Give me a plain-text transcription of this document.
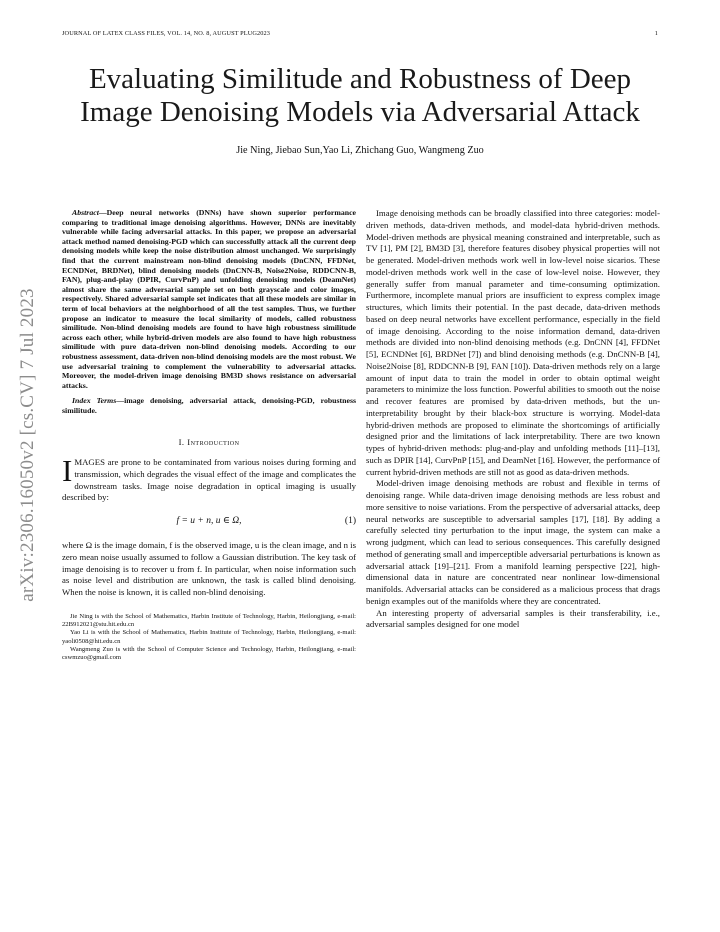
JOURNAL OF LATEX CLASS FILES, VOL. 14, NO. 8, AUGUST PLUG2023	1
arXiv:2306.16050v2 [cs.CV] 7 Jul 2023
Evaluating Similitude and Robustness of Deep Image Denoising Models via Adversarial Attack
Jie Ning, Jiebao Sun,Yao Li, Zhichang Guo, Wangmeng Zuo

Abstract—Deep neural networks (DNNs) have shown superior performance comparing to traditional image denoising algorithms. However, DNNs are inevitably vulnerable while facing adversarial attacks. In this paper, we propose an adversarial attack method named denoising-PGD which can successfully attack all the current deep denoising models while keep the noise distribution almost unchanged. We surprisingly find that the current mainstream non-blind denoising models (DnCNN, FFDNet, ECNDNet, BRDNet), blind denoising models (DnCNN-B, Noise2Noise, RDDCNN-B, FAN), plug-and-play (DPIR, CurvPnP) and unfolding denoising models (DeamNet) almost share the same adversarial sample set on both grayscale and color images, respectively. Shared adversarial sample set indicates that all these models are similar in term of local behaviors at the neighborhood of all the test samples. Thus, we further propose an indicator to measure the local similarity of models, called robustness similitude. Non-blind denoising models are found to have high robustness similitude across each other, while hybrid-driven models are also found to have high robustness similitude with pure data-driven non-blind denoising models. According to our robustness assessment, data-driven non-blind denoising models are the most robust. We use adversarial training to complement the vulnerability to adversarial attacks. Moreover, the model-driven image denoising BM3D shows resistance on adversarial attacks.

Index Terms—image denoising, adversarial attack, denoising-PGD, robustness similitude.

I. Introduction

IMAGES are prone to be contaminated from various noises during forming and transmission, which degrades the visual effect of the image and complicates the downstream tasks. Image noise degradation in optical imaging is usually described by:

f = u + n, u ∈ Ω,	(1)

where Ω is the image domain, f is the observed image, u is the clean image, and n is zero mean noise usually assumed to follow a Gaussian distribution. The key task of image denoising is to recover u from f. In particular, when noise information such as noise level and distribution are unknown, the task is called blind denoising. When the noise is known, it is called non-blind denoising.

Jie Ning is with the School of Mathematics, Harbin Institute of Technology, Harbin, Heilongjiang, e-mail: 22B912021@stu.hit.edu.cn

Yao Li is with the School of Mathematics, Harbin Institute of Technology, Harbin, Heilongjiang, e-mail: yaoli0508@hit.edu.cn

Wangmeng Zuo is with the School of Computer Science and Technology, Harbin, Heilongjiang, e-mail: cswmzuo@gmail.com

Image denoising methods can be broadly classified into three categories: model-driven methods, data-driven methods, and model-data hybrid-driven methods. Model-driven methods are physical meaning constrained and interpretable, such as TV [1], PM [2], BM3D [3], therefore features disobey physical properties will not be generated. Model-driven methods work well in low-level noise sicarios. These model-driven methods work well in the case of low-level noise. However, they generally suffer from manual parameter and time-consuming optimization. Furthermore, incomplete manual priors are insufficient to express complex image structures, which limits their potential. In the past decade, data-driven methods based on deep neural networks have excellent performance, especially in the field of image denoising. According to the noise information demand, data-driven methods are divided into non-blind denoising methods (e.g. DnCNN [4], FFDNet [5], ECNDNet [6], BRDNet [7]) and blind denoising methods (e.g. DnCNN-B [4], Noise2Noise [8], RDDCNN-B [9], FAN [10]). Data-driven methods rely on a large amount of input data to train the model in order to obtain optimal weight parameters to minimize the loss function. Powerful abilities to smooth out the noise and recover features are promised by data-driven methods, but the un-interpretability brought by their black-box structure is worrying. Model-data hybrid-driven methods are proposed to eliminate the shortcomings of artificially designed prior and the limitations of lack interpretability. There are two known types of hybrid-driven methods: plug-and-play and unfolding methods [11]–[13], such as DPIR [14], CurvPnP [15], and DeamNet [16]. However, the performance of current hybrid-driven methods are still not as good as data-driven methods.

Model-driven image denoising methods are robust and flexible in terms of denoising range. While data-driven image denoising methods are less robust and more sensitive to noise variations. From the perspective of adversarial attacks, deep neural networks are susceptible to adversarial samples [17], [18]. By adding a carefully selected tiny perturbation to the input image, the system can make a wrong judgment, which can lead to serious consequences. This carefully designed method of generating small and imperceptible adversarial perturbations is known as adversarial attack [19]–[21]. From a manifold learning perspective [22], high-dimensional data in nature are concentrated near nonlinear low-dimensional manifolds. Adversarial attacks can be considered as a malicious process that drags benign examples out of the manifolds where they are concentrated.

An interesting property of adversarial samples is their transferability, i.e., adversarial samples designed for one model
